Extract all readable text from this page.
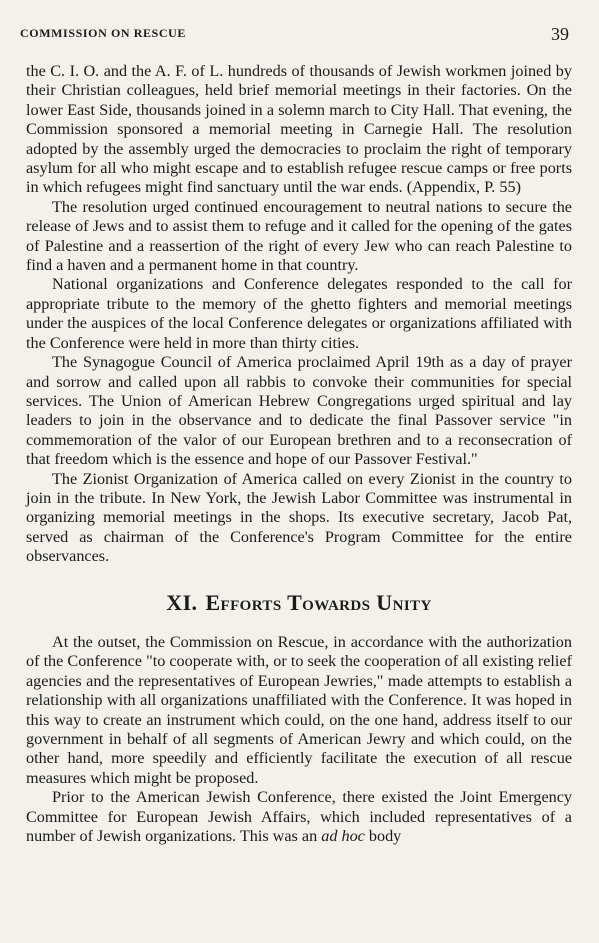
COMMISSION ON RESCUE	39

the C. I. O. and the A. F. of L. hundreds of thousands of Jewish workmen joined by their Christian colleagues, held brief memorial meetings in their factories. On the lower East Side, thousands joined in a solemn march to City Hall. That evening, the Commission sponsored a memorial meeting in Carnegie Hall. The resolution adopted by the assembly urged the democracies to proclaim the right of temporary asylum for all who might escape and to establish refugee rescue camps or free ports in which refugees might find sanctuary until the war ends. (Appendix, P. 55)

The resolution urged continued encouragement to neutral nations to secure the release of Jews and to assist them to refuge and it called for the opening of the gates of Palestine and a reassertion of the right of every Jew who can reach Palestine to find a haven and a permanent home in that country.

National organizations and Conference delegates responded to the call for appropriate tribute to the memory of the ghetto fighters and memorial meetings under the auspices of the local Conference delegates or organizations affiliated with the Conference were held in more than thirty cities.

The Synagogue Council of America proclaimed April 19th as a day of prayer and sorrow and called upon all rabbis to convoke their communities for special services. The Union of American Hebrew Congregations urged spiritual and lay leaders to join in the observance and to dedicate the final Passover service "in commemoration of the valor of our European brethren and to a reconsecration of that freedom which is the essence and hope of our Passover Festival."

The Zionist Organization of America called on every Zionist in the country to join in the tribute. In New York, the Jewish Labor Committee was instrumental in organizing memorial meetings in the shops. Its executive secretary, Jacob Pat, served as chairman of the Conference's Program Committee for the entire observances.

XI. Efforts Towards Unity

At the outset, the Commission on Rescue, in accordance with the authorization of the Conference "to cooperate with, or to seek the cooperation of all existing relief agencies and the representatives of European Jewries," made attempts to establish a relationship with all organizations unaffiliated with the Conference. It was hoped in this way to create an instrument which could, on the one hand, address itself to our government in behalf of all segments of American Jewry and which could, on the other hand, more speedily and efficiently facilitate the execution of all rescue measures which might be proposed.

Prior to the American Jewish Conference, there existed the Joint Emergency Committee for European Jewish Affairs, which included representatives of a number of Jewish organizations. This was an ad hoc body
